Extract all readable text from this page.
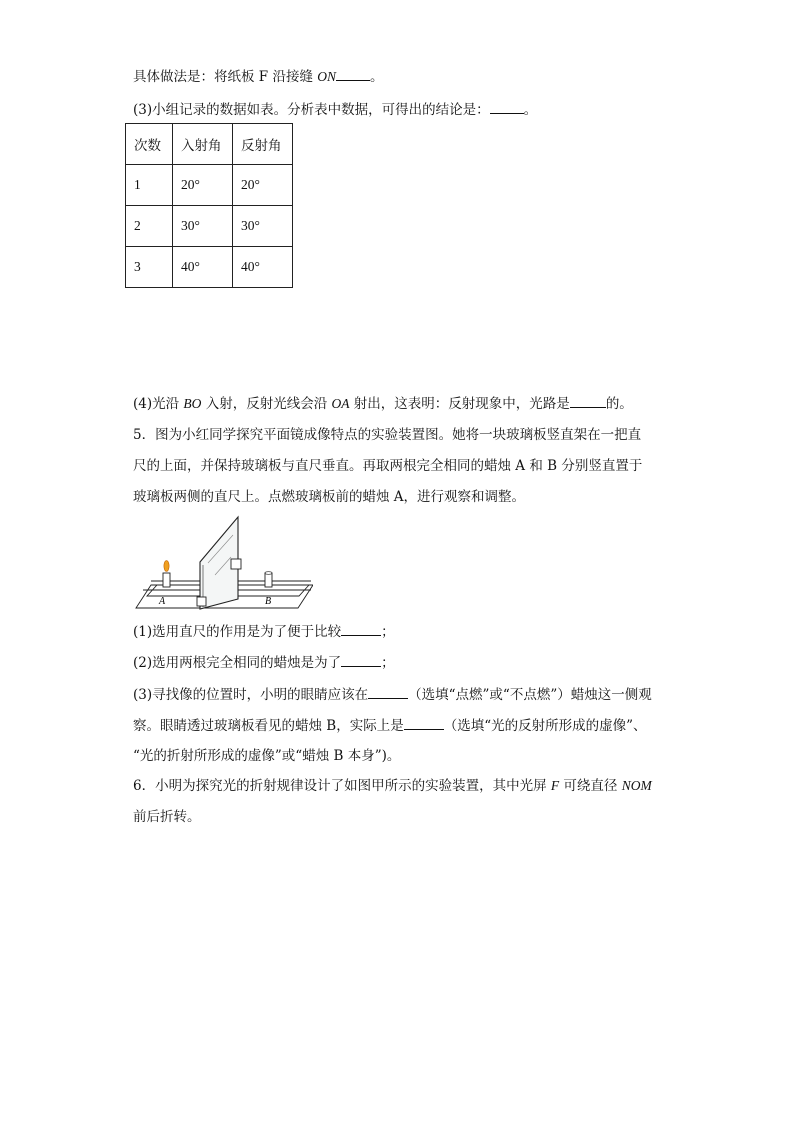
具体做法是：将纸板 F 沿接缝 ON	。
(3)小组记录的数据如表。分析表中数据，可得出的结论是：	。
次数	入射角	反射角
1	20°	20°
2	30°	30°
3	40°	40°
(4)光沿 BO 入射，反射光线会沿 OA 射出，这表明：反射现象中，光路是	的。
5．图为小红同学探究平面镜成像特点的实验装置图。她将一块玻璃板竖直架在一把直
尺的上面，并保持玻璃板与直尺垂直。再取两根完全相同的蜡烛 A 和 B 分别竖直置于
玻璃板两侧的直尺上。点燃玻璃板前的蜡烛 A，进行观察和调整。
A	B
(1)选用直尺的作用是为了便于比较	；
(2)选用两根完全相同的蜡烛是为了	；
(3)寻找像的位置时，小明的眼睛应该在	（选填“点燃”或“不点燃”）蜡烛这一侧观
察。眼睛透过玻璃板看见的蜡烛 B，实际上是	（选填“光的反射所形成的虚像”、
“光的折射所形成的虚像”或“蜡烛 B 本身”)。
6．小明为探究光的折射规律设计了如图甲所示的实验装置，其中光屏 F 可绕直径 NOM
前后折转。
